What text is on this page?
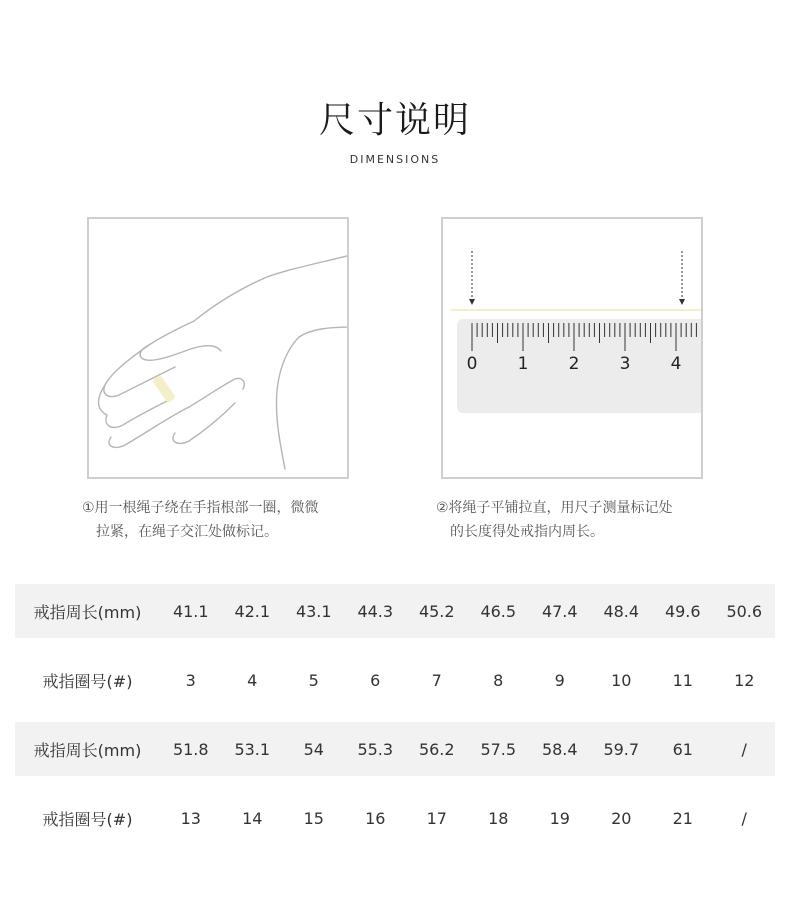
尺寸说明
DIMENSIONS
0 1 2 3 4
①用一根绳子绕在手指根部一圈，微微

拉紧，在绳子交汇处做标记。
②将绳子平铺拉直，用尺子测量标记处

的长度得处戒指内周长。
戒指周长(mm)	41.1	42.1	43.1	44.3	45.2	46.5	47.4	48.4	49.6	50.6
戒指圈号(#)	3	4	5	6	7	8	9	10	11	12
戒指周长(mm)	51.8	53.1	54	55.3	56.2	57.5	58.4	59.7	61	/
戒指圈号(#)	13	14	15	16	17	18	19	20	21	/
